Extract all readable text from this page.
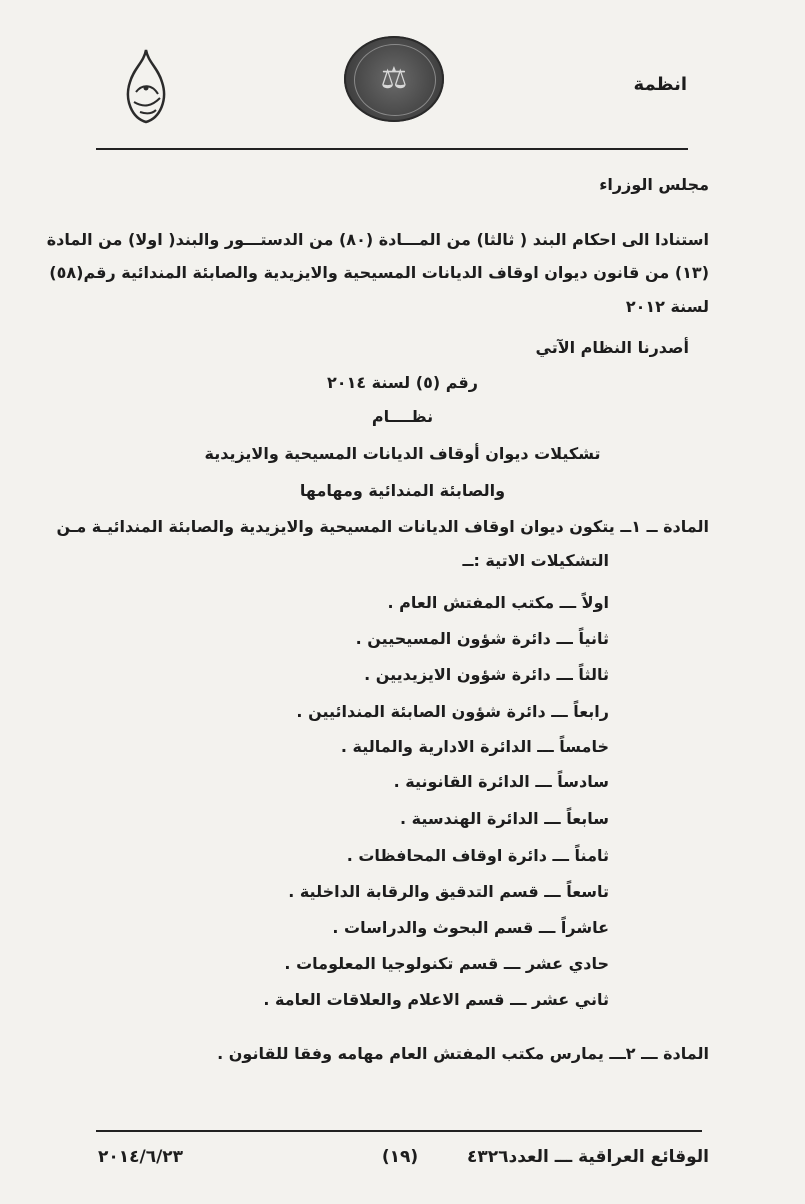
⚖	انظمة
مجلس الوزراء
استنادا الى احكام البند ( ثالثا) من المـــادة (٨٠) من الدستـــور والبند( اولا) من المادة
(١٣) من قانون ديوان اوقاف الديانات المسيحية والايزيدية والصابئة المندائية رقم(٥٨)
لسنة ٢٠١٢
أصدرنا النظام الآتي
رقم (٥) لسنة ٢٠١٤
نظــــام
تشكيلات ديوان أوقاف الديانات المسيحية والايزيدية
والصابئة المندائية ومهامها
المادة ــ ١ــ يتكون ديوان اوقاف الديانات المسيحية والايزيدية والصابئة المندائيـة مـن
التشكيلات الاتية :ــ
اولاً ـــ مكتب المفتش العام .
ثانياً ـــ دائرة شؤون المسيحيين .
ثالثاً ـــ دائرة شؤون الايزيديين .
رابعاً ـــ دائرة شؤون الصابئة المندائيين .
خامساً ـــ الدائرة الادارية والمالية .
سادساً ـــ الدائرة القانونية .
سابعاً ـــ الدائرة الهندسية .
ثامناً ـــ دائرة اوقاف المحافظات .
تاسعاً ـــ قسم التدقيق والرقابة الداخلية .
عاشراً ـــ قسم البحوث والدراسات .
حادي عشر ـــ قسم تكنولوجيا المعلومات .
ثاني عشر ـــ قسم الاعلام والعلاقات العامة .
المادة ـــ ٢ـــ يمارس مكتب المفتش العام مهامه وفقا للقانون .
الوقائع العراقية ـــ العدد٤٣٢٦
(١٩)
٢٠١٤/٦/٢٣
